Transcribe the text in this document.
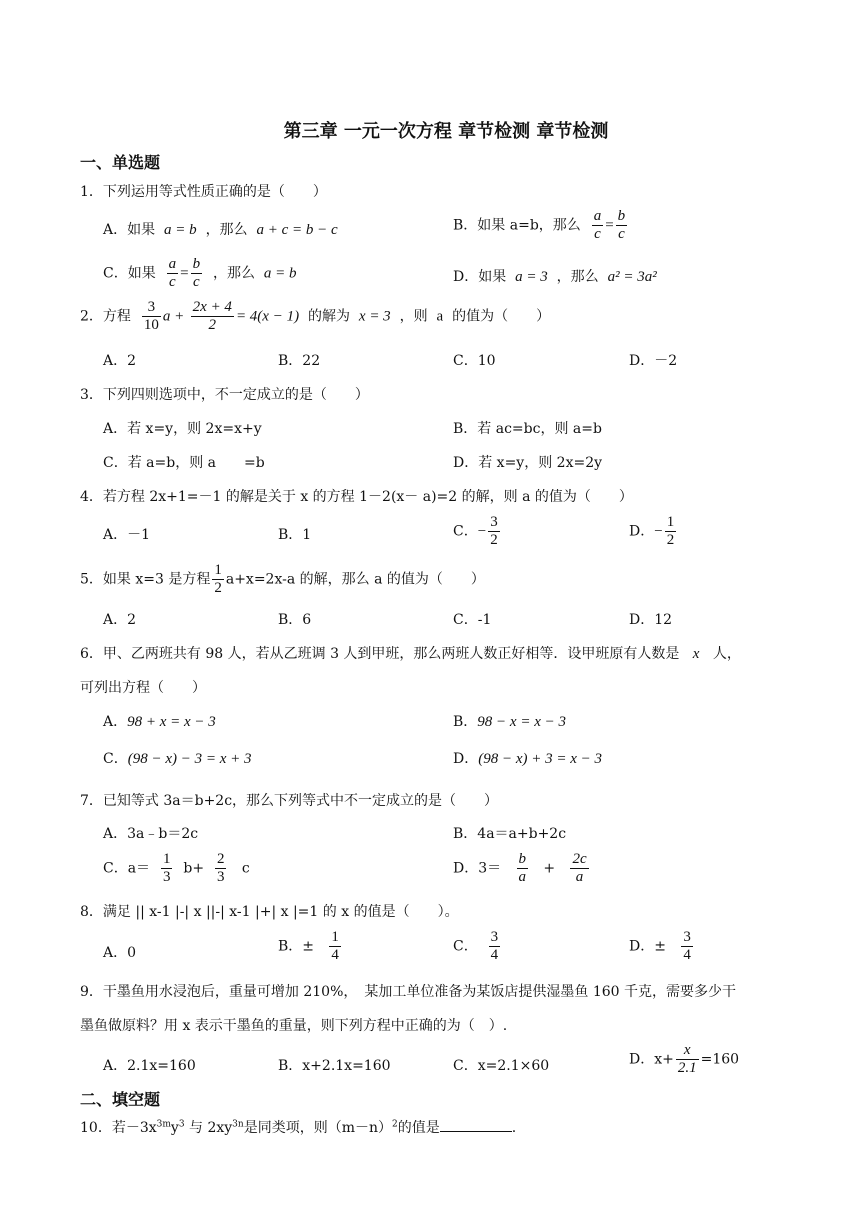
第三章 一元一次方程 章节检测 章节检测
一、单选题
1．下列运用等式性质正确的是（　　）
A．如果 a = b ，那么 a + c = b − c	B．如果 a=b，那么 $\frac{a}{c} = \frac{b}{c}$
C．如果 $\frac{a}{c} = \frac{b}{c}$ ，那么 a = b	D．如果 a = 3 ，那么 a² = 3a²
2．方程 $\frac{3}{10}$ $a + \frac{2x + 4}{2} = 4(x - 1)$ 的解为 x = 3 ，则 a 的值为（　　）
A．2	B．22	C．10	D．－2
3．下列四则选项中，不一定成立的是（　　）
A．若 x=y，则 2x=x+y	B．若 ac=bc，则 a=b
C．若 a=b，则 a　　=b	D．若 x=y，则 2x=2y
4．若方程 2x+1=－1 的解是关于 x 的方程 1－2(x－ a)=2 的解，则 a 的值为（　　）
A．－1	B．1	C．− $\frac{3}{2}$	D．− $\frac{1}{2}$
5．如果 x=3 是方程 $\frac{1}{2} a+x=2x-a$ 的解，那么 a 的值为（　　）
A．2	B．6	C．-1	D．12
6．甲、乙两班共有 98 人，若从乙班调 3 人到甲班，那么两班人数正好相等．设甲班原有人数是 x 人，
可列出方程（　　）
A．98 + x = x − 3	B．98 − x = x − 3
C．(98 − x) − 3 = x + 3	D．(98 − x) + 3 = x − 3
7．已知等式 3a＝b+2c，那么下列等式中不一定成立的是（　　）
A．3a﹣b＝2c	B．4a＝a+b+2c
C．$a= \frac{1}{3} b+ \frac{2}{3}$ c	D．$3= \frac{b}{a} + \frac{2c}{a}$
8．满足 || x-1 |-| x ||-| x-1 |+| x |=1 的 x 的值是（　　）。
A．0	B．± $\frac{1}{4}$	C． $\frac{3}{4}$	D．± $\frac{3}{4}$
9．干墨鱼用水浸泡后，重量可增加 210%，　某加工单位准备为某饭店提供湿墨鱼 160 千克，需要多少干
墨鱼做原料？用 x 表示干墨鱼的重量，则下列方程中正确的为（　）.
A．2.1x=160	B．x+2.1x=160	C．x=2.1×60	D．$x+ \frac{x}{2.1} =160$
二、填空题
10．若$-3x^{3m}y^3$ 与 $2xy^{3n}$是同类项，则$(m-n)^2$的值是	.
